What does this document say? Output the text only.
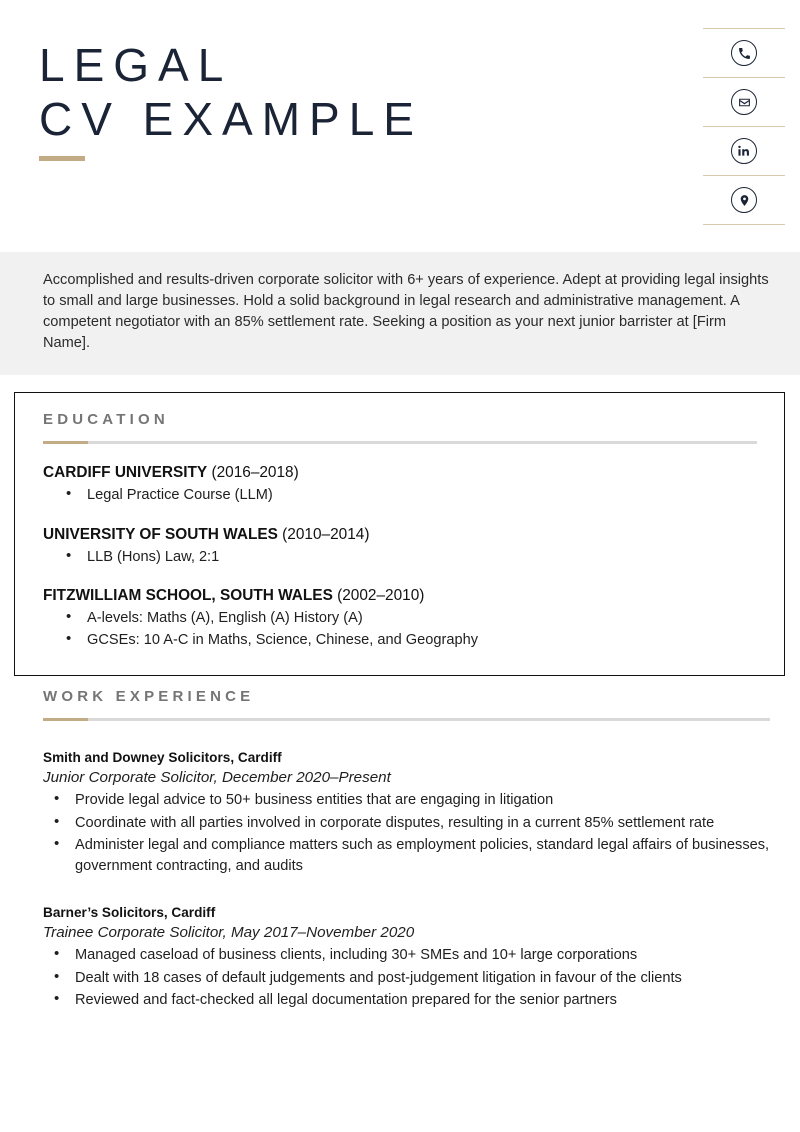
LEGAL
CV EXAMPLE
Accomplished and results-driven corporate solicitor with 6+ years of experience. Adept at providing legal insights to small and large businesses. Hold a solid background in legal research and administrative management. A competent negotiator with an 85% settlement rate. Seeking a position as your next junior barrister at [Firm Name].
EDUCATION
CARDIFF UNIVERSITY (2016–2018)
• Legal Practice Course (LLM)
UNIVERSITY OF SOUTH WALES (2010–2014)
• LLB (Hons) Law, 2:1
FITZWILLIAM SCHOOL, SOUTH WALES (2002–2010)
• A-levels: Maths (A), English (A) History (A)
• GCSEs: 10 A-C in Maths, Science, Chinese, and Geography
WORK EXPERIENCE
Smith and Downey Solicitors, Cardiff
Junior Corporate Solicitor, December 2020–Present
• Provide legal advice to 50+ business entities that are engaging in litigation
• Coordinate with all parties involved in corporate disputes, resulting in a current 85% settlement rate
• Administer legal and compliance matters such as employment policies, standard legal affairs of businesses, government contracting, and audits
Barner’s Solicitors, Cardiff
Trainee Corporate Solicitor, May 2017–November 2020
• Managed caseload of business clients, including 30+ SMEs and 10+ large corporations
• Dealt with 18 cases of default judgements and post-judgement litigation in favour of the clients
• Reviewed and fact-checked all legal documentation prepared for the senior partners
